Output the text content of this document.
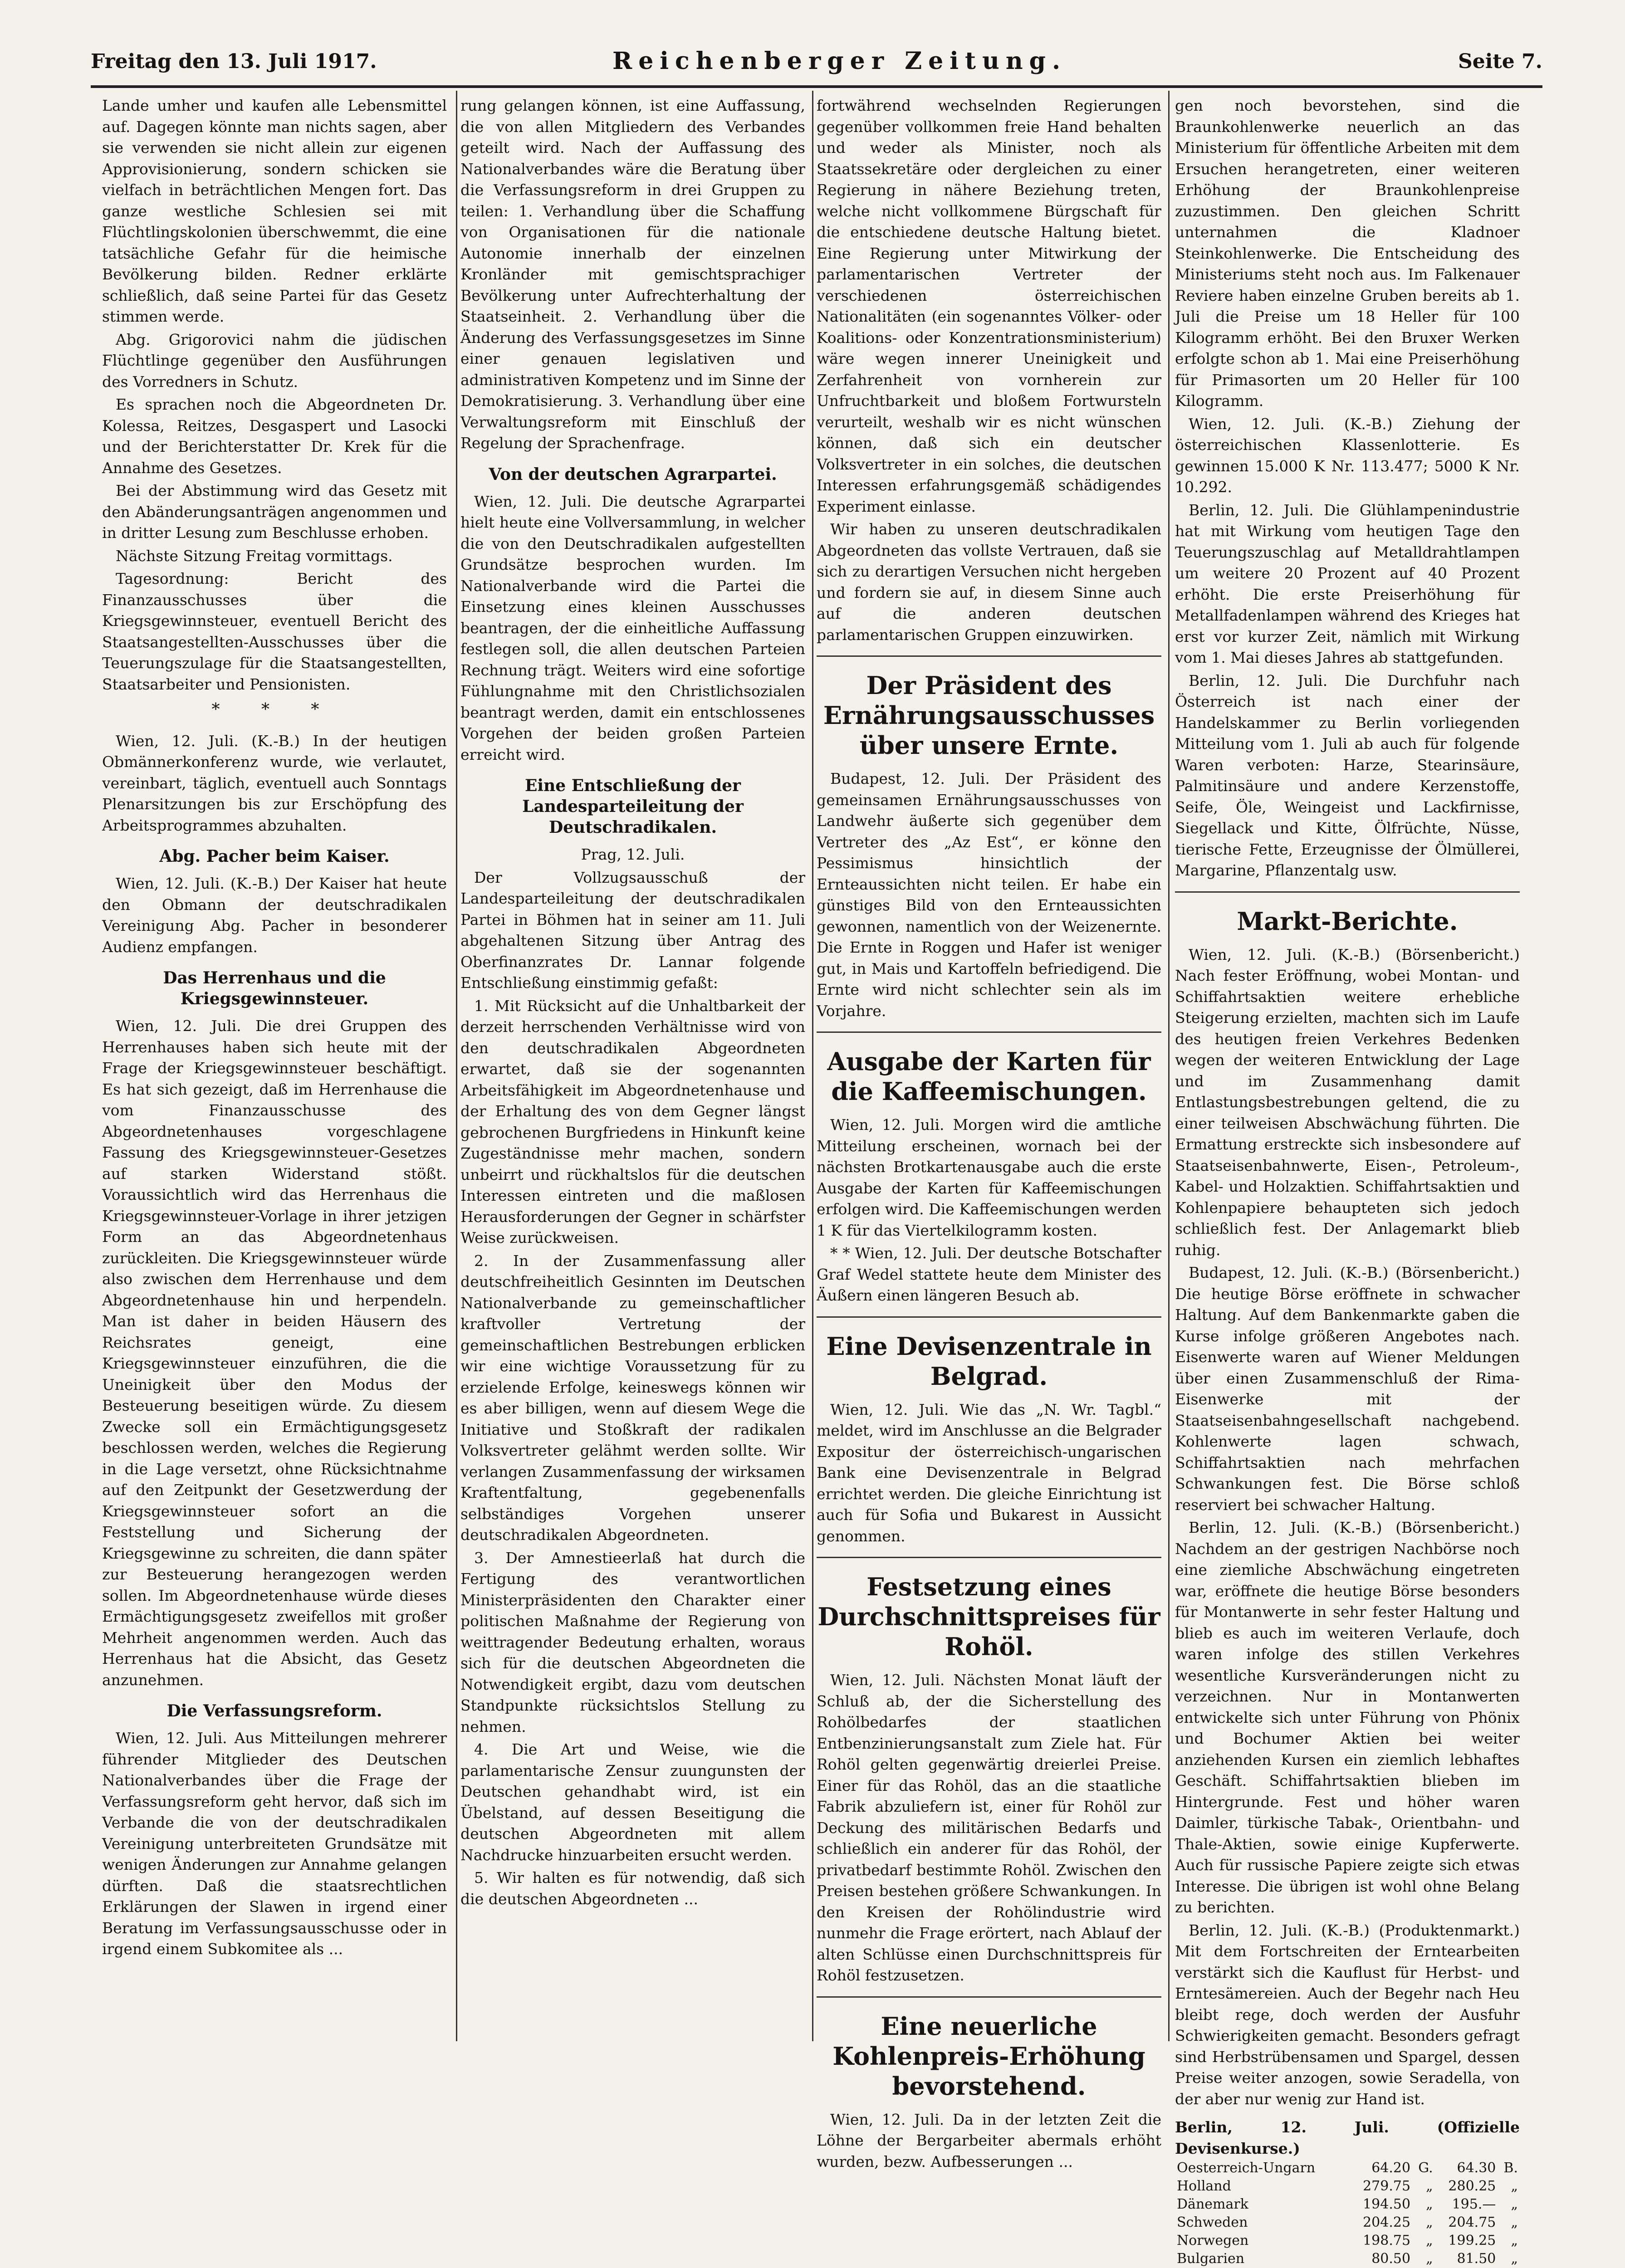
Freitag den 13. Juli 1917.	Reichenberger Zeitung.	Seite 7.

Lande umher und kaufen alle Lebensmittel auf. Dagegen könnte man nichts sagen, aber sie verwenden sie nicht allein zur eigenen Approvisionierung, sondern schicken sie vielfach in beträchtlichen Mengen fort. Das ganze westliche Schlesien sei mit Flüchtlingskolonien überschwemmt, die eine tatsächliche Gefahr für die heimische Bevölkerung bilden. Redner erklärte schließlich, daß seine Partei für das Gesetz stimmen werde.

Abg. Grigorovici nahm die jüdischen Flüchtlinge gegenüber den Ausführungen des Vorredners in Schutz.

Es sprachen noch die Abgeordneten Dr. Kolessa, Reitzes, Desgaspert und Lasocki und der Berichterstatter Dr. Krek für die Annahme des Gesetzes.

Bei der Abstimmung wird das Gesetz mit den Abänderungsanträgen angenommen und in dritter Lesung zum Beschlusse erhoben.

Nächste Sitzung Freitag vormittags.

Tagesordnung: Bericht des Finanzausschusses über die Kriegsgewinnsteuer, eventuell Bericht des Staatsangestellten-Ausschusses über die Teuerungszulage für die Staatsangestellten, Staatsarbeiter und Pensionisten.

* * *

Wien, 12. Juli. (K.-B.) In der heutigen Obmännerkonferenz wurde, wie verlautet, vereinbart, täglich, eventuell auch Sonntags Plenarsitzungen bis zur Erschöpfung des Arbeitsprogrammes abzuhalten.

Abg. Pacher beim Kaiser.

Wien, 12. Juli. (K.-B.) Der Kaiser hat heute den Obmann der deutschradikalen Vereinigung Abg. Pacher in besonderer Audienz empfangen.

Das Herrenhaus und die Kriegsgewinnsteuer.

Wien, 12. Juli. Die drei Gruppen des Herrenhauses haben sich heute mit der Frage der Kriegsgewinnsteuer beschäftigt. Es hat sich gezeigt, daß im Herrenhause die vom Finanzausschusse des Abgeordnetenhauses vorgeschlagene Fassung des Kriegsgewinnsteuer-Gesetzes auf starken Widerstand stößt. Voraussichtlich wird das Herrenhaus die Kriegsgewinnsteuer-Vorlage in ihrer jetzigen Form an das Abgeordnetenhaus zurückleiten. Die Kriegsgewinnsteuer würde also zwischen dem Herrenhause und dem Abgeordnetenhause hin und herpendeln. Man ist daher in beiden Häusern des Reichsrates geneigt, eine Kriegsgewinnsteuer einzuführen, die die Uneinigkeit über den Modus der Besteuerung beseitigen würde. Zu diesem Zwecke soll ein Ermächtigungsgesetz beschlossen werden, welches die Regierung in die Lage versetzt, ohne Rücksichtnahme auf den Zeitpunkt der Gesetzwerdung der Kriegsgewinnsteuer sofort an die Feststellung und Sicherung der Kriegsgewinne zu schreiten, die dann später zur Besteuerung herangezogen werden sollen. Im Abgeordnetenhause würde dieses Ermächtigungsgesetz zweifellos mit großer Mehrheit angenommen werden. Auch das Herrenhaus hat die Absicht, das Gesetz anzunehmen.

Die Verfassungsreform.

Wien, 12. Juli. Aus Mitteilungen mehrerer führender Mitglieder des Deutschen Nationalverbandes über die Frage der Verfassungsreform geht hervor, daß sich im Verbande die von der deutschradikalen Vereinigung unterbreiteten Grundsätze mit wenigen Änderungen zur Annahme gelangen dürften. Daß die staatsrechtlichen Erklärungen der Slawen in irgend einer Beratung im Verfassungsausschusse oder in irgend einem Subkomitee als ...

rung gelangen können, ist eine Auffassung, die von allen Mitgliedern des Verbandes geteilt wird. Nach der Auffassung des Nationalverbandes wäre die Beratung über die Verfassungsreform in drei Gruppen zu teilen: 1. Verhandlung über die Schaffung von Organisationen für die nationale Autonomie innerhalb der einzelnen Kronländer mit gemischtsprachiger Bevölkerung unter Aufrechterhaltung der Staatseinheit. 2. Verhandlung über die Änderung des Verfassungsgesetzes im Sinne einer genauen legislativen und administrativen Kompetenz und im Sinne der Demokratisierung. 3. Verhandlung über eine Verwaltungsreform mit Einschluß der Regelung der Sprachenfrage.

Von der deutschen Agrarpartei.

Wien, 12. Juli. Die deutsche Agrarpartei hielt heute eine Vollversammlung, in welcher die von den Deutschradikalen aufgestellten Grundsätze besprochen wurden. Im Nationalverbande wird die Partei die Einsetzung eines kleinen Ausschusses beantragen, der die einheitliche Auffassung festlegen soll, die allen deutschen Parteien Rechnung trägt. Weiters wird eine sofortige Fühlungnahme mit den Christlichsozialen beantragt werden, damit ein entschlossenes Vorgehen der beiden großen Parteien erreicht wird.

Eine Entschließung der Landesparteileitung der Deutschradikalen.

Prag, 12. Juli.

Der Vollzugsausschuß der Landesparteileitung der deutschradikalen Partei in Böhmen hat in seiner am 11. Juli abgehaltenen Sitzung über Antrag des Oberfinanzrates Dr. Lannar folgende Entschließung einstimmig gefaßt:

1. Mit Rücksicht auf die Unhaltbarkeit der derzeit herrschenden Verhältnisse wird von den deutschradikalen Abgeordneten erwartet, daß sie der sogenannten Arbeitsfähigkeit im Abgeordnetenhause und der Erhaltung des von dem Gegner längst gebrochenen Burgfriedens in Hinkunft keine Zugeständnisse mehr machen, sondern unbeirrt und rückhaltslos für die deutschen Interessen eintreten und die maßlosen Herausforderungen der Gegner in schärfster Weise zurückweisen.

2. In der Zusammenfassung aller deutschfreiheitlich Gesinnten im Deutschen Nationalverbande zu gemeinschaftlicher kraftvoller Vertretung der gemeinschaftlichen Bestrebungen erblicken wir eine wichtige Voraussetzung für zu erzielende Erfolge, keineswegs können wir es aber billigen, wenn auf diesem Wege die Initiative und Stoßkraft der radikalen Volksvertreter gelähmt werden sollte. Wir verlangen Zusammenfassung der wirksamen Kraftentfaltung, gegebenenfalls selbständiges Vorgehen unserer deutschradikalen Abgeordneten.

3. Der Amnestieerlaß hat durch die Fertigung des verantwortlichen Ministerpräsidenten den Charakter einer politischen Maßnahme der Regierung von weittragender Bedeutung erhalten, woraus sich für die deutschen Abgeordneten die Notwendigkeit ergibt, dazu vom deutschen Standpunkte rücksichtslos Stellung zu nehmen.

4. Die Art und Weise, wie die parlamentarische Zensur zuungunsten der Deutschen gehandhabt wird, ist ein Übelstand, auf dessen Beseitigung die deutschen Abgeordneten mit allem Nachdrucke hinzuarbeiten ersucht werden.

5. Wir halten es für notwendig, daß sich die deutschen Abgeordneten ...

fortwährend wechselnden Regierungen gegenüber vollkommen freie Hand behalten und weder als Minister, noch als Staatssekretäre oder dergleichen zu einer Regierung in nähere Beziehung treten, welche nicht vollkommene Bürgschaft für die entschiedene deutsche Haltung bietet. Eine Regierung unter Mitwirkung der parlamentarischen Vertreter der verschiedenen österreichischen Nationalitäten (ein sogenanntes Völker- oder Koalitions- oder Konzentrationsministerium) wäre wegen innerer Uneinigkeit und Zerfahrenheit von vornherein zur Unfruchtbarkeit und bloßem Fortwursteln verurteilt, weshalb wir es nicht wünschen können, daß sich ein deutscher Volksvertreter in ein solches, die deutschen Interessen erfahrungsgemäß schädigendes Experiment einlasse.

Wir haben zu unseren deutschradikalen Abgeordneten das vollste Vertrauen, daß sie sich zu derartigen Versuchen nicht hergeben und fordern sie auf, in diesem Sinne auch auf die anderen deutschen parlamentarischen Gruppen einzuwirken.

Der Präsident des Ernährungsausschusses über unsere Ernte.

Budapest, 12. Juli. Der Präsident des gemeinsamen Ernährungsausschusses von Landwehr äußerte sich gegenüber dem Vertreter des „Az Est“, er könne den Pessimismus hinsichtlich der Ernteaussichten nicht teilen. Er habe ein günstiges Bild von den Ernteaussichten gewonnen, namentlich von der Weizenernte. Die Ernte in Roggen und Hafer ist weniger gut, in Mais und Kartoffeln befriedigend. Die Ernte wird nicht schlechter sein als im Vorjahre.

Ausgabe der Karten für die Kaffeemischungen.

Wien, 12. Juli. Morgen wird die amtliche Mitteilung erscheinen, wornach bei der nächsten Brotkartenausgabe auch die erste Ausgabe der Karten für Kaffeemischungen erfolgen wird. Die Kaffeemischungen werden 1 K für das Viertelkilogramm kosten.

* * Wien, 12. Juli. Der deutsche Botschafter Graf Wedel stattete heute dem Minister des Äußern einen längeren Besuch ab.

Eine Devisenzentrale in Belgrad.

Wien, 12. Juli. Wie das „N. Wr. Tagbl.“ meldet, wird im Anschlusse an die Belgrader Expositur der österreichisch-ungarischen Bank eine Devisenzentrale in Belgrad errichtet werden. Die gleiche Einrichtung ist auch für Sofia und Bukarest in Aussicht genommen.

Festsetzung eines Durchschnittspreises für Rohöl.

Wien, 12. Juli. Nächsten Monat läuft der Schluß ab, der die Sicherstellung des Rohölbedarfes der staatlichen Entbenzinierungsanstalt zum Ziele hat. Für Rohöl gelten gegenwärtig dreierlei Preise. Einer für das Rohöl, das an die staatliche Fabrik abzuliefern ist, einer für Rohöl zur Deckung des militärischen Bedarfs und schließlich ein anderer für das Rohöl, der privatbedarf bestimmte Rohöl. Zwischen den Preisen bestehen größere Schwankungen. In den Kreisen der Rohölindustrie wird nunmehr die Frage erörtert, nach Ablauf der alten Schlüsse einen Durchschnittspreis für Rohöl festzusetzen.

Eine neuerliche Kohlenpreis-Erhöhung bevorstehend.

Wien, 12. Juli. Da in der letzten Zeit die Löhne der Bergarbeiter abermals erhöht wurden, bezw. Aufbesserungen ...

gen noch bevorstehen, sind die Braunkohlenwerke neuerlich an das Ministerium für öffentliche Arbeiten mit dem Ersuchen herangetreten, einer weiteren Erhöhung der Braunkohlenpreise zuzustimmen. Den gleichen Schritt unternahmen die Kladnoer Steinkohlenwerke. Die Entscheidung des Ministeriums steht noch aus. Im Falkenauer Reviere haben einzelne Gruben bereits ab 1. Juli die Preise um 18 Heller für 100 Kilogramm erhöht. Bei den Bruxer Werken erfolgte schon ab 1. Mai eine Preiserhöhung für Primasorten um 20 Heller für 100 Kilogramm.

Wien, 12. Juli. (K.-B.) Ziehung der österreichischen Klassenlotterie. Es gewinnen 15.000 K Nr. 113.477; 5000 K Nr. 10.292.

Berlin, 12. Juli. Die Glühlampenindustrie hat mit Wirkung vom heutigen Tage den Teuerungszuschlag auf Metalldrahtlampen um weitere 20 Prozent auf 40 Prozent erhöht. Die erste Preiserhöhung für Metallfadenlampen während des Krieges hat erst vor kurzer Zeit, nämlich mit Wirkung vom 1. Mai dieses Jahres ab stattgefunden.

Berlin, 12. Juli. Die Durchfuhr nach Österreich ist nach einer der Handelskammer zu Berlin vorliegenden Mitteilung vom 1. Juli ab auch für folgende Waren verboten: Harze, Stearinsäure, Palmitinsäure und andere Kerzenstoffe, Seife, Öle, Weingeist und Lackfirnisse, Siegellack und Kitte, Ölfrüchte, Nüsse, tierische Fette, Erzeugnisse der Ölmüllerei, Margarine, Pflanzentalg usw.

Markt-Berichte.

Wien, 12. Juli. (K.-B.) (Börsenbericht.) Nach fester Eröffnung, wobei Montan- und Schiffahrtsaktien weitere erhebliche Steigerung erzielten, machten sich im Laufe des heutigen freien Verkehres Bedenken wegen der weiteren Entwicklung der Lage und im Zusammenhang damit Entlastungsbestrebungen geltend, die zu einer teilweisen Abschwächung führten. Die Ermattung erstreckte sich insbesondere auf Staatseisenbahnwerte, Eisen-, Petroleum-, Kabel- und Holzaktien. Schiffahrtsaktien und Kohlenpapiere behaupteten sich jedoch schließlich fest. Der Anlagemarkt blieb ruhig.

Budapest, 12. Juli. (K.-B.) (Börsenbericht.) Die heutige Börse eröffnete in schwacher Haltung. Auf dem Bankenmarkte gaben die Kurse infolge größeren Angebotes nach. Eisenwerte waren auf Wiener Meldungen über einen Zusammenschluß der Rima-Eisenwerke mit der Staatseisenbahngesellschaft nachgebend. Kohlenwerte lagen schwach, Schiffahrtsaktien nach mehrfachen Schwankungen fest. Die Börse schloß reserviert bei schwacher Haltung.

Berlin, 12. Juli. (K.-B.) (Börsenbericht.) Nachdem an der gestrigen Nachbörse noch eine ziemliche Abschwächung eingetreten war, eröffnete die heutige Börse besonders für Montanwerte in sehr fester Haltung und blieb es auch im weiteren Verlaufe, doch waren infolge des stillen Verkehres wesentliche Kursveränderungen nicht zu verzeichnen. Nur in Montanwerten entwickelte sich unter Führung von Phönix und Bochumer Aktien bei weiter anziehenden Kursen ein ziemlich lebhaftes Geschäft. Schiffahrtsaktien blieben im Hintergrunde. Fest und höher waren Daimler, türkische Tabak-, Orientbahn- und Thale-Aktien, sowie einige Kupferwerte. Auch für russische Papiere zeigte sich etwas Interesse. Die übrigen ist wohl ohne Belang zu berichten.

Berlin, 12. Juli. (K.-B.) (Produktenmarkt.) Mit dem Fortschreiten der Erntearbeiten verstärkt sich die Kauflust für Herbst- und Erntesämereien. Auch der Begehr nach Heu bleibt rege, doch werden der Ausfuhr Schwierigkeiten gemacht. Besonders gefragt sind Herbstrübensamen und Spargel, dessen Preise weiter anzogen, sowie Seradella, von der aber nur wenig zur Hand ist.

Berlin, 12. Juli. (Offizielle Devisenkurse.)
Oesterreich-Ungarn	64.20	G.	64.30	B.
Holland	279.75	„	280.25	„
Dänemark	194.50	„	195.—	„
Schweden	204.25	„	204.75	„
Norwegen	198.75	„	199.25	„
Bulgarien	80.50	„	81.50	„
